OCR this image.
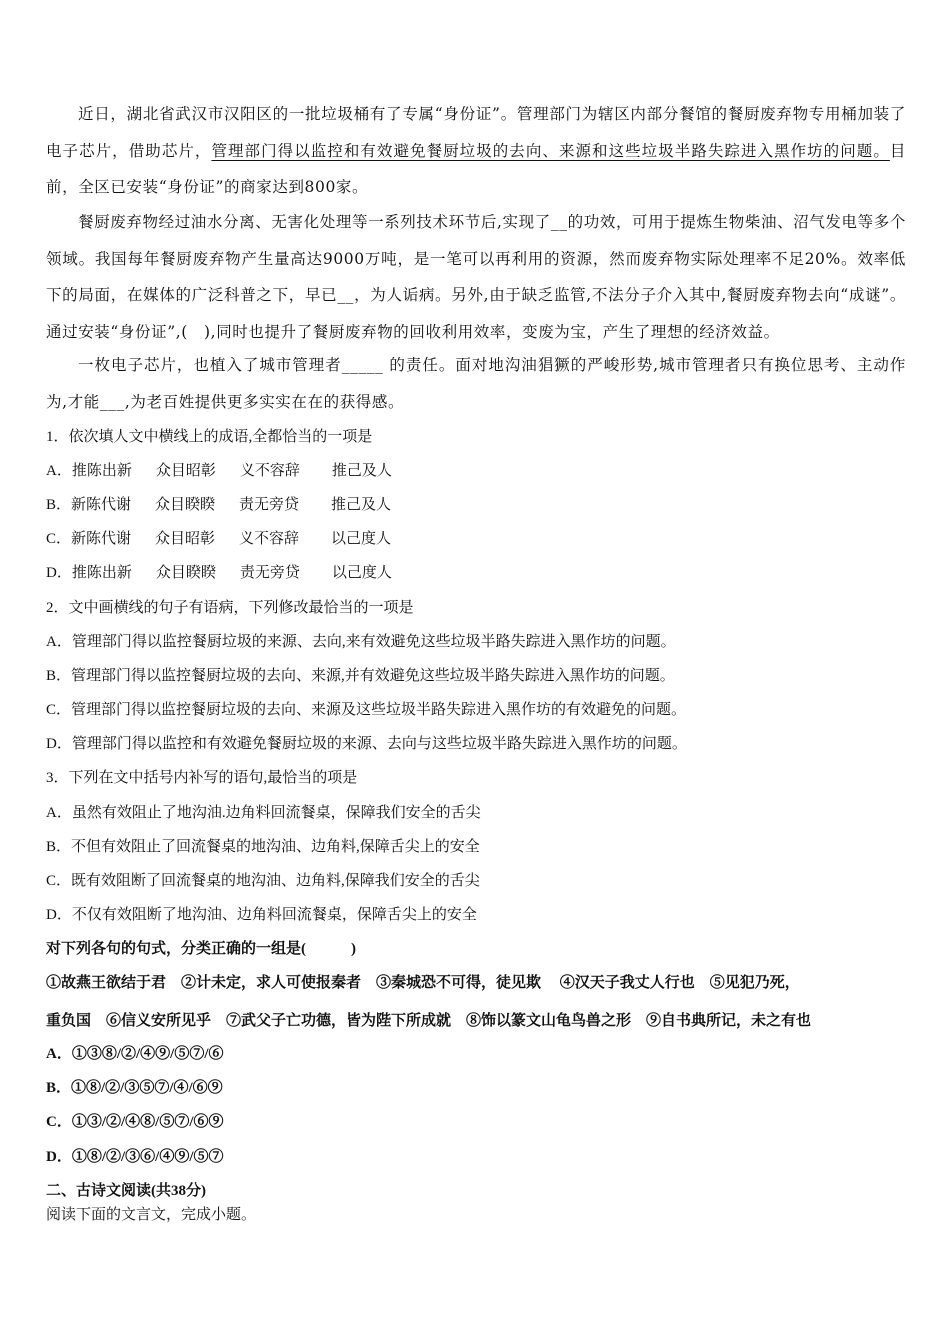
近日，湖北省武汉市汉阳区的一批垃圾桶有了专属“身份证”。管理部门为辖区内部分餐馆的餐厨废弃物专用桶加装了电子芯片，借助芯片，管理部门得以监控和有效避免餐厨垃圾的去向、来源和这些垃圾半路失踪进入黑作坊的问题。目前，全区已安装“身份证”的商家达到800家。

餐厨废弃物经过油水分离、无害化处理等一系列技术环节后,实现了__的功效，可用于提炼生物柴油、沼气发电等多个领域。我国每年餐厨废弃物产生量高达9000万吨，是一笔可以再利用的资源，然而废弃物实际处理率不足20%。效率低下的局面，在媒体的广泛科普之下，早已__，为人诟病。另外,由于缺乏监管,不法分子介入其中,餐厨废弃物去向“成谜”。通过安装“身份证”,(　),同时也提升了餐厨废弃物的回收利用效率，变废为宝，产生了理想的经济效益。

一枚电子芯片，也植入了城市管理者_____ 的责任。面对地沟油猖獗的严峻形势,城市管理者只有换位思考、主动作为,才能___,为老百姓提供更多实实在在的获得感。

1．依次填人文中横线上的成语,全都恰当的一项是
A．推陈出新 众目昭彰 义不容辞 推己及人
B．新陈代谢 众目睽睽 责无旁贷 推己及人
C．新陈代谢 众目昭彰 义不容辞 以己度人
D．推陈出新 众目睽睽 责无旁贷 以己度人
2．文中画横线的句子有语病，下列修改最恰当的一项是
A．管理部门得以监控餐厨垃圾的来源、去向,来有效避免这些垃圾半路失踪进入黑作坊的问题。
B．管理部门得以监控餐厨垃圾的去向、来源,并有效避免这些垃圾半路失踪进入黑作坊的问题。
C．管理部门得以监控餐厨垃圾的去向、来源及这些垃圾半路失踪进入黑作坊的有效避免的问题。
D．管理部门得以监控和有效避免餐厨垃圾的来源、去向与这些垃圾半路失踪进入黑作坊的问题。
3．下列在文中括号内补写的语句,最恰当的项是
A．虽然有效阻止了地沟油.边角料回流餐桌，保障我们安全的舌尖
B．不但有效阻止了回流餐桌的地沟油、边角料,保障舌尖上的安全
C．既有效阻断了回流餐桌的地沟油、边角料,保障我们安全的舌尖
D．不仅有效阻断了地沟油、边角料回流餐桌，保障舌尖上的安全
对下列各句的句式，分类正确的一组是(　　　)
①故燕王欲结于君　②计未定，求人可使报秦者　③秦城恐不可得，徒见欺　 ④汉天子我丈人行也　⑤见犯乃死，
重负国　⑥信义安所见乎　⑦武父子亡功德，皆为陛下所成就　⑧饰以篆文山龟鸟兽之形　⑨自书典所记，未之有也
A．①③⑧/②/④⑨/⑤⑦/⑥
B．①⑧/②/③⑤⑦/④/⑥⑨
C．①③/②/④⑧/⑤⑦/⑥⑨
D．①⑧/②/③⑥/④⑨/⑤⑦
二、古诗文阅读(共38分)
阅读下面的文言文，完成小题。
